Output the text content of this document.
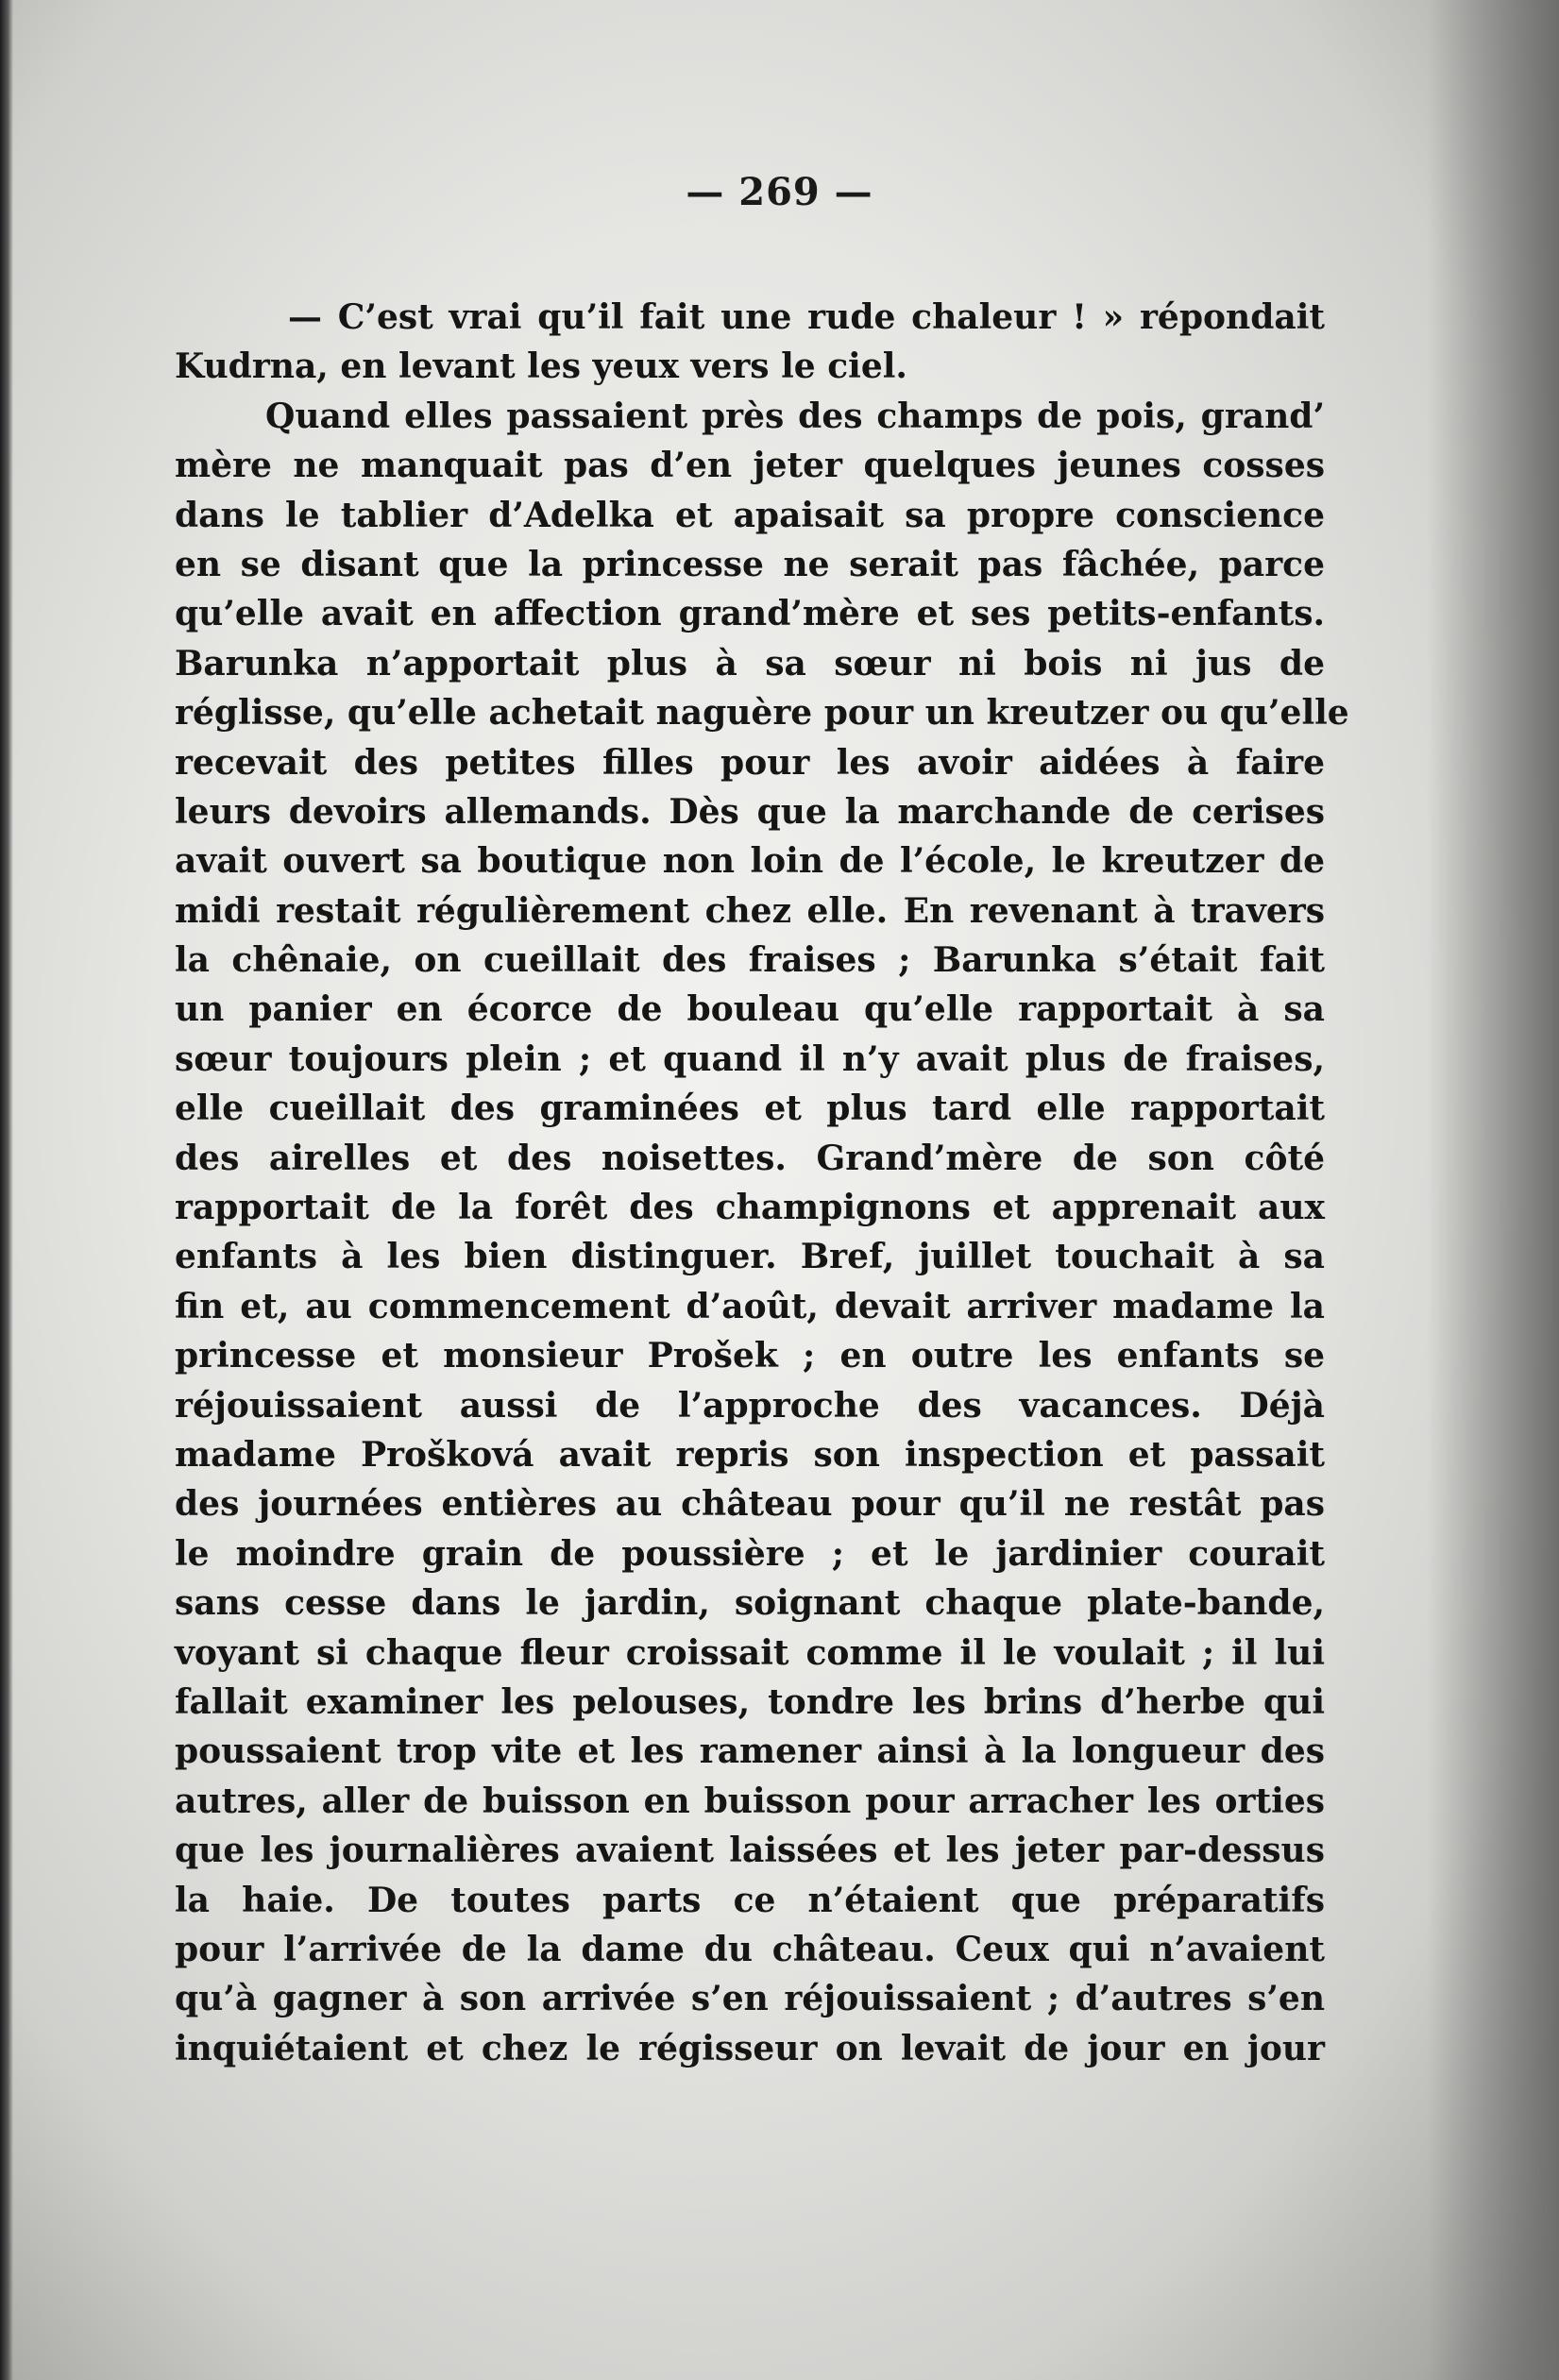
— 269 —
— C’est vrai qu’il fait une rude chaleur ! » répondait
Kudrna, en levant les yeux vers le ciel.
Quand elles passaient près des champs de pois, grand’
mère ne manquait pas d’en jeter quelques jeunes cosses
dans le tablier d’Adelka et apaisait sa propre conscience
en se disant que la princesse ne serait pas fâchée, parce
qu’elle avait en affection grand’mère et ses petits-enfants.
Barunka n’apportait plus à sa sœur ni bois ni jus de
réglisse, qu’elle achetait naguère pour un kreutzer ou qu’elle
recevait des petites filles pour les avoir aidées à faire
leurs devoirs allemands. Dès que la marchande de cerises
avait ouvert sa boutique non loin de l’école, le kreutzer de
midi restait régulièrement chez elle. En revenant à travers
la chênaie, on cueillait des fraises ; Barunka s’était fait
un panier en écorce de bouleau qu’elle rapportait à sa
sœur toujours plein ; et quand il n’y avait plus de fraises,
elle cueillait des graminées et plus tard elle rapportait
des airelles et des noisettes. Grand’mère de son côté
rapportait de la forêt des champignons et apprenait aux
enfants à les bien distinguer. Bref, juillet touchait à sa
fin et, au commencement d’août, devait arriver madame la
princesse et monsieur Prošek ; en outre les enfants se
réjouissaient aussi de l’approche des vacances. Déjà
madame Prošková avait repris son inspection et passait
des journées entières au château pour qu’il ne restât pas
le moindre grain de poussière ; et le jardinier courait
sans cesse dans le jardin, soignant chaque plate-bande,
voyant si chaque fleur croissait comme il le voulait ; il lui
fallait examiner les pelouses, tondre les brins d’herbe qui
poussaient trop vite et les ramener ainsi à la longueur des
autres, aller de buisson en buisson pour arracher les orties
que les journalières avaient laissées et les jeter par-dessus
la haie. De toutes parts ce n’étaient que préparatifs
pour l’arrivée de la dame du château. Ceux qui n’avaient
qu’à gagner à son arrivée s’en réjouissaient ; d’autres s’en
inquiétaient et chez le régisseur on levait de jour en jour
